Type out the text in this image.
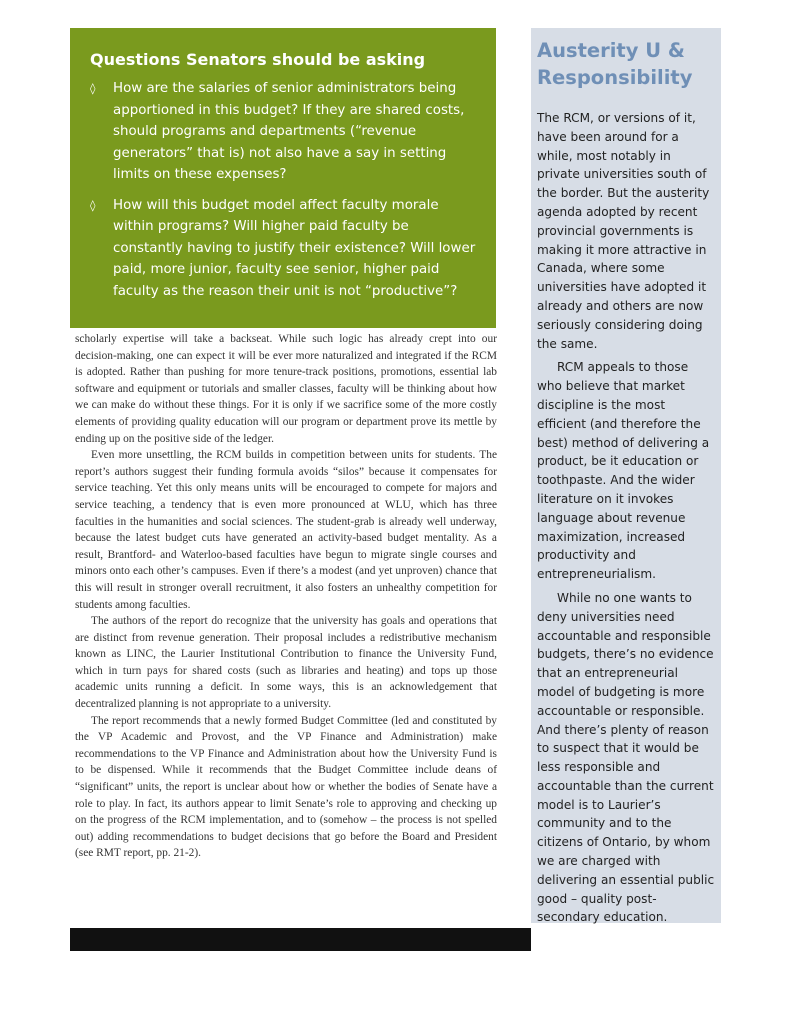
Questions Senators should be asking
◊ How are the salaries of senior administrators being apportioned in this budget? If they are shared costs, should programs and departments (“revenue generators” that is) not also have a say in setting limits on these expenses?
◊ How will this budget model affect faculty morale within programs? Will higher paid faculty be constantly having to justify their existence? Will lower paid, more junior, faculty see senior, higher paid faculty as the reason their unit is not “productive”?

scholarly expertise will take a backseat. While such logic has already crept into our decision-making, one can expect it will be ever more naturalized and integrated if the RCM is adopted. Rather than pushing for more tenure-track positions, promotions, essential lab software and equipment or tutorials and smaller classes, faculty will be thinking about how we can make do without these things. For it is only if we sacrifice some of the more costly elements of providing quality education will our program or department prove its mettle by ending up on the positive side of the ledger.

Even more unsettling, the RCM builds in competition between units for students. The report’s authors suggest their funding formula avoids “silos” because it compensates for service teaching. Yet this only means units will be encouraged to compete for majors and service teaching, a tendency that is even more pronounced at WLU, which has three faculties in the humanities and social sciences. The student-grab is already well underway, because the latest budget cuts have generated an activity-based budget mentality. As a result, Brantford- and Waterloo-based faculties have begun to migrate single courses and minors onto each other’s campuses. Even if there’s a modest (and yet unproven) chance that this will result in stronger overall recruitment, it also fosters an unhealthy competition for students among faculties.

The authors of the report do recognize that the university has goals and operations that are distinct from revenue generation. Their proposal includes a redistributive mechanism known as LINC, the Laurier Institutional Contribution to finance the University Fund, which in turn pays for shared costs (such as libraries and heating) and tops up those academic units running a deficit. In some ways, this is an acknowledgement that decentralized planning is not appropriate to a university.

The report recommends that a newly formed Budget Committee (led and constituted by the VP Academic and Provost, and the VP Finance and Administration) make recommendations to the VP Finance and Administration about how the University Fund is to be dispensed. While it recommends that the Budget Committee include deans of “significant” units, the report is unclear about how or whether the bodies of Senate have a role to play. In fact, its authors appear to limit Senate’s role to approving and checking up on the progress of the RCM implementation, and to (somehow – the process is not spelled out) adding recommendations to budget decisions that go before the Board and President (see RMT report, pp. 21-2).

Austerity U & Responsibility

The RCM, or versions of it, have been around for a while, most notably in private universities south of the border. But the austerity agenda adopted by recent provincial governments is making it more attractive in Canada, where some universities have adopted it already and others are now seriously considering doing the same.

RCM appeals to those who believe that market discipline is the most efficient (and therefore the best) method of delivering a product, be it education or toothpaste. And the wider literature on it invokes language about revenue maximization, increased productivity and entrepreneurialism.

While no one wants to deny universities need accountable and responsible budgets, there’s no evidence that an entrepreneurial model of budgeting is more accountable or responsible. And there’s plenty of reason to suspect that it would be less responsible and accountable than the current model is to Laurier’s community and to the citizens of Ontario, by whom we are charged with delivering an essential public good – quality post-secondary education.
